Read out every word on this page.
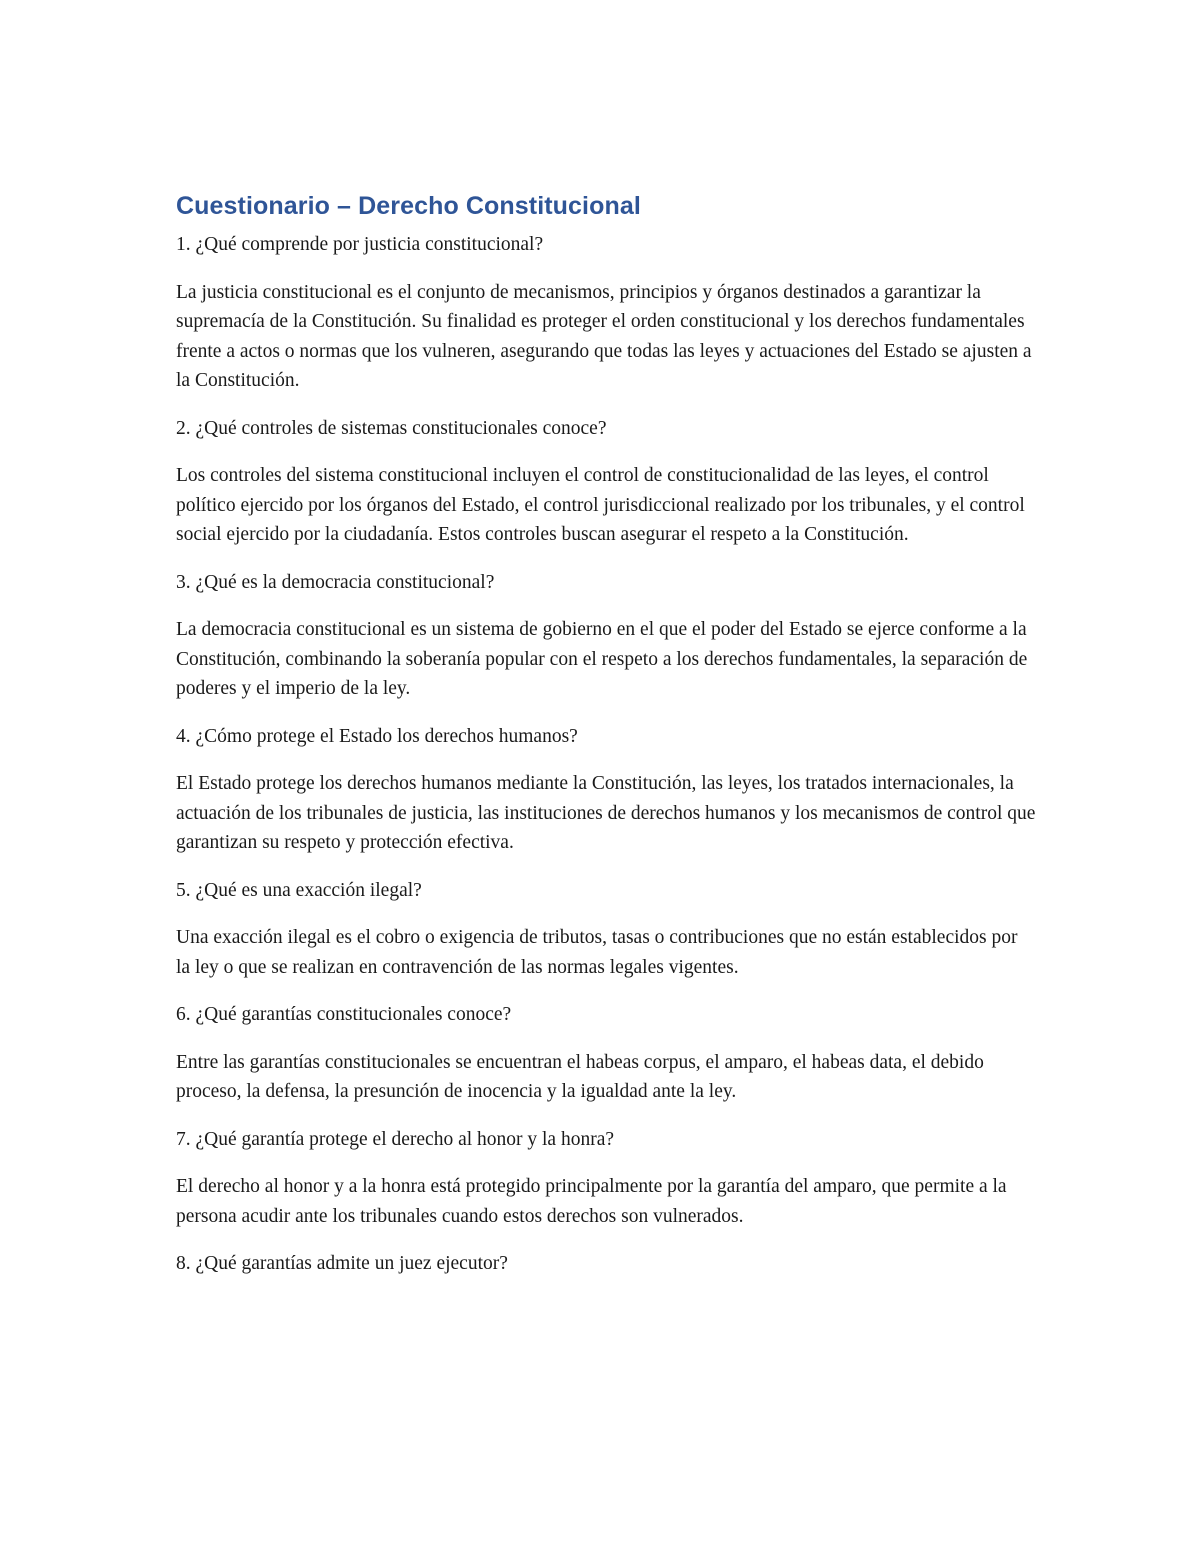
Cuestionario – Derecho Constitucional

1. ¿Qué comprende por justicia constitucional?

La justicia constitucional es el conjunto de mecanismos, principios y órganos destinados a garantizar la supremacía de la Constitución. Su finalidad es proteger el orden constitucional y los derechos fundamentales frente a actos o normas que los vulneren, asegurando que todas las leyes y actuaciones del Estado se ajusten a la Constitución.

2. ¿Qué controles de sistemas constitucionales conoce?

Los controles del sistema constitucional incluyen el control de constitucionalidad de las leyes, el control político ejercido por los órganos del Estado, el control jurisdiccional realizado por los tribunales, y el control social ejercido por la ciudadanía. Estos controles buscan asegurar el respeto a la Constitución.

3. ¿Qué es la democracia constitucional?

La democracia constitucional es un sistema de gobierno en el que el poder del Estado se ejerce conforme a la Constitución, combinando la soberanía popular con el respeto a los derechos fundamentales, la separación de poderes y el imperio de la ley.

4. ¿Cómo protege el Estado los derechos humanos?

El Estado protege los derechos humanos mediante la Constitución, las leyes, los tratados internacionales, la actuación de los tribunales de justicia, las instituciones de derechos humanos y los mecanismos de control que garantizan su respeto y protección efectiva.

5. ¿Qué es una exacción ilegal?

Una exacción ilegal es el cobro o exigencia de tributos, tasas o contribuciones que no están establecidos por la ley o que se realizan en contravención de las normas legales vigentes.

6. ¿Qué garantías constitucionales conoce?

Entre las garantías constitucionales se encuentran el habeas corpus, el amparo, el habeas data, el debido proceso, la defensa, la presunción de inocencia y la igualdad ante la ley.

7. ¿Qué garantía protege el derecho al honor y la honra?

El derecho al honor y a la honra está protegido principalmente por la garantía del amparo, que permite a la persona acudir ante los tribunales cuando estos derechos son vulnerados.

8. ¿Qué garantías admite un juez ejecutor?
